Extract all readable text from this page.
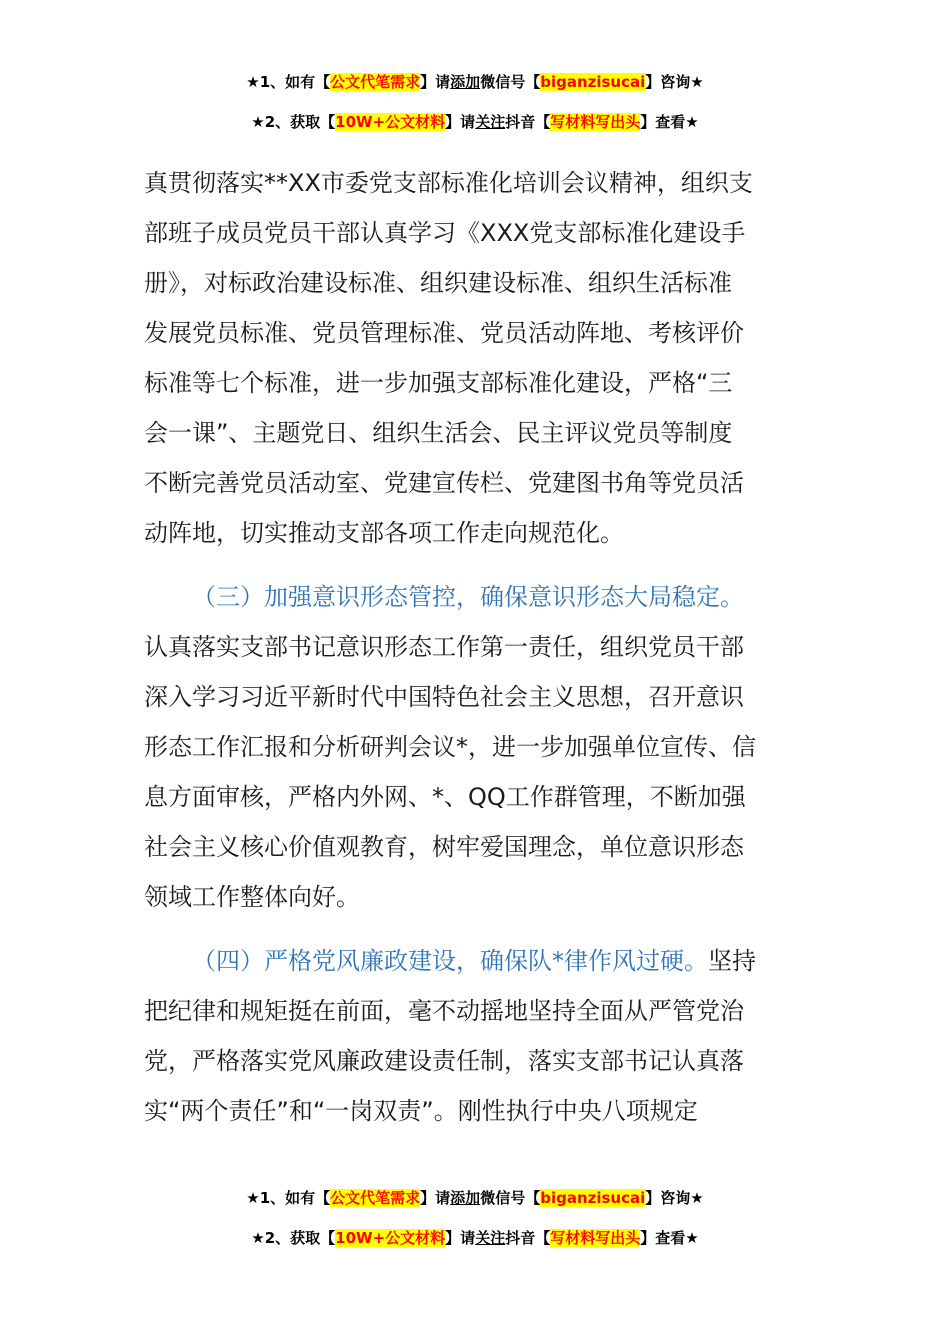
★1、如有【公文代笔需求】请添加微信号【biganzisucai】咨询★
★2、获取【10W+公文材料】请关注抖音【写材料写出头】查看★
真贯彻落实**XX市委党支部标准化培训会议精神，组织支
部班子成员党员干部认真学习《XXX党支部标准化建设手
册》，对标政治建设标准、组织建设标准、组织生活标准
发展党员标准、党员管理标准、党员活动阵地、考核评价
标准等七个标准，进一步加强支部标准化建设，严格“三
会一课”、主题党日、组织生活会、民主评议党员等制度
不断完善党员活动室、党建宣传栏、党建图书角等党员活
动阵地，切实推动支部各项工作走向规范化。
（三）加强意识形态管控，确保意识形态大局稳定。
认真落实支部书记意识形态工作第一责任，组织党员干部
深入学习习近平新时代中国特色社会主义思想，召开意识
形态工作汇报和分析研判会议*，进一步加强单位宣传、信
息方面审核，严格内外网、*、QQ工作群管理，不断加强
社会主义核心价值观教育，树牢爱国理念，单位意识形态
领域工作整体向好。
（四）严格党风廉政建设，确保队*律作风过硬。坚持
把纪律和规矩挺在前面，毫不动摇地坚持全面从严管党治
党，严格落实党风廉政建设责任制，落实支部书记认真落
实“两个责任”和“一岗双责”。刚性执行中央八项规定
★1、如有【公文代笔需求】请添加微信号【biganzisucai】咨询★
★2、获取【10W+公文材料】请关注抖音【写材料写出头】查看★
